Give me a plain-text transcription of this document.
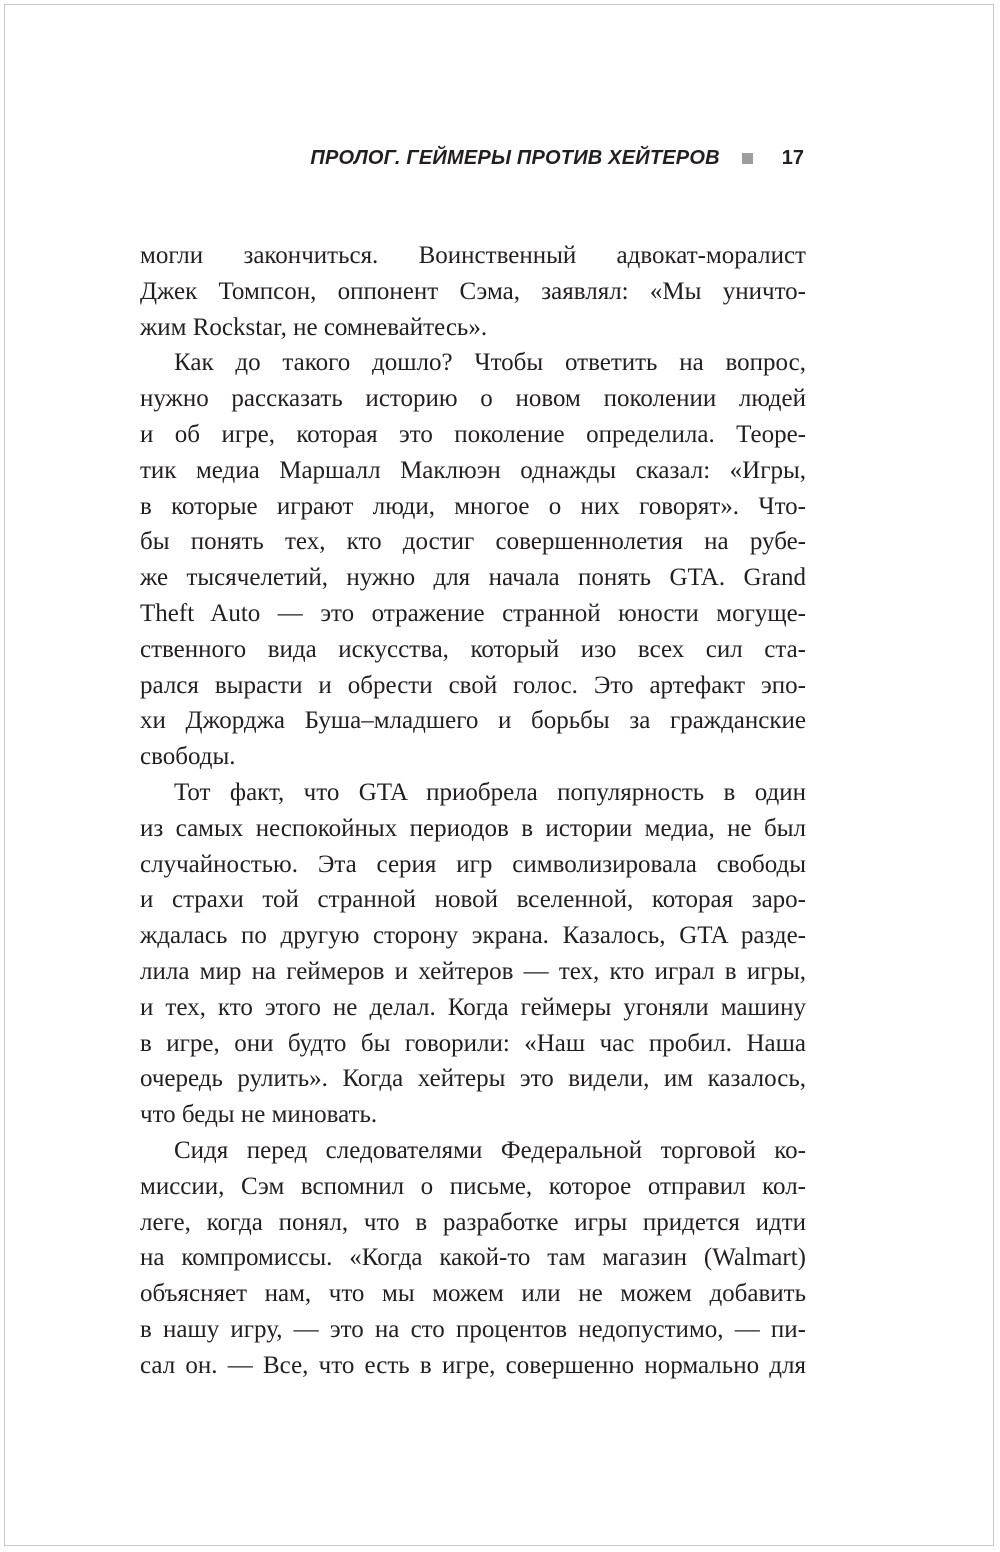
ПРОЛОГ. ГЕЙМЕРЫ ПРОТИВ ХЕЙТЕРОВ	17
могли закончиться. Воинственный адвокат-моралист
Джек Томпсон, оппонент Сэма, заявлял: «Мы уничто-
жим Rockstar, не сомневайтесь».
Как до такого дошло? Чтобы ответить на вопрос,
нужно рассказать историю о новом поколении людей
и об игре, которая это поколение определила. Теоре-
тик медиа Маршалл Маклюэн однажды сказал: «Игры,
в которые играют люди, многое о них говорят». Что-
бы понять тех, кто достиг совершеннолетия на рубе-
же тысячелетий, нужно для начала понять GTA. Grand
Theft Auto — это отражение странной юности могуще-
ственного вида искусства, который изо всех сил ста-
рался вырасти и обрести свой голос. Это артефакт эпо-
хи Джорджа Буша–младшего и борьбы за гражданские
свободы.
Тот факт, что GTA приобрела популярность в один
из самых неспокойных периодов в истории медиа, не был
случайностью. Эта серия игр символизировала свободы
и страхи той странной новой вселенной, которая заро-
ждалась по другую сторону экрана. Казалось, GTA разде-
лила мир на геймеров и хейтеров — тех, кто играл в игры,
и тех, кто этого не делал. Когда геймеры угоняли машину
в игре, они будто бы говорили: «Наш час пробил. Наша
очередь рулить». Когда хейтеры это видели, им казалось,
что беды не миновать.
Сидя перед следователями Федеральной торговой ко-
миссии, Сэм вспомнил о письме, которое отправил кол-
леге, когда понял, что в разработке игры придется идти
на компромиссы. «Когда какой-то там магазин (Walmart)
объясняет нам, что мы можем или не можем добавить
в нашу игру, — это на сто процентов недопустимо, — пи-
сал он. — Все, что есть в игре, совершенно нормально для
